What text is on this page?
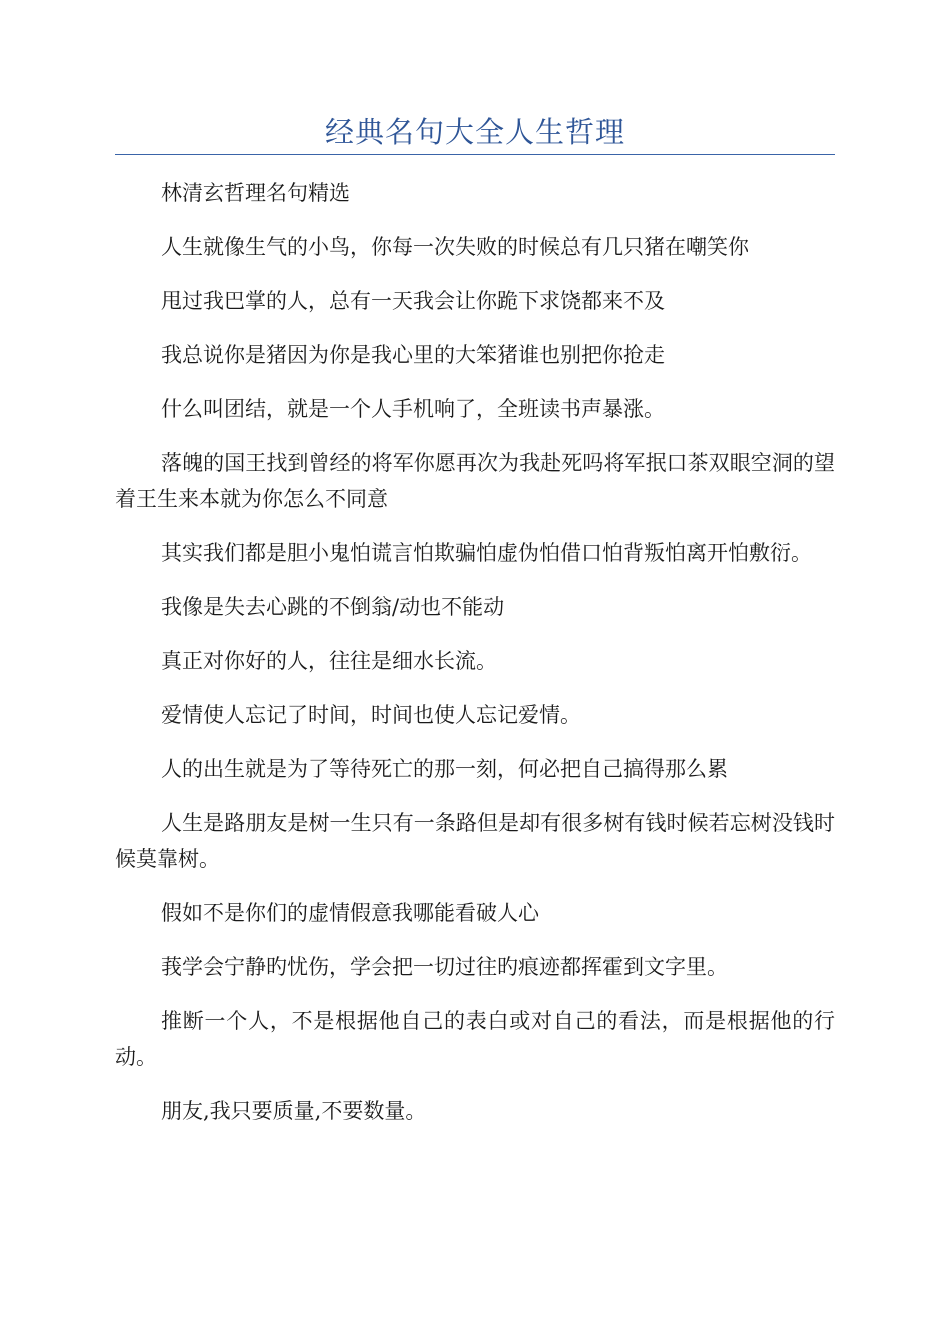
经典名句大全人生哲理

林清玄哲理名句精选

人生就像生气的小鸟，你每一次失败的时候总有几只猪在嘲笑你

甩过我巴掌的人，总有一天我会让你跪下求饶都来不及

我总说你是猪因为你是我心里的大笨猪谁也别把你抢走

什么叫团结，就是一个人手机响了，全班读书声暴涨。

落魄的国王找到曾经的将军你愿再次为我赴死吗将军抿口茶双眼空洞的望着王生来本就为你怎么不同意

其实我们都是胆小鬼怕谎言怕欺骗怕虚伪怕借口怕背叛怕离开怕敷衍。

我像是失去心跳的不倒翁/动也不能动

真正对你好的人，往往是细水长流。

爱情使人忘记了时间，时间也使人忘记爱情。

人的出生就是为了等待死亡的那一刻，何必把自己搞得那么累

人生是路朋友是树一生只有一条路但是却有很多树有钱时候若忘树没钱时候莫靠树。

假如不是你们的虚情假意我哪能看破人心

莪学会宁静旳忧伤，学会把一切过往旳痕迹都挥霍到文字里。

推断一个人，不是根据他自己的表白或对自己的看法，而是根据他的行动。

朋友,我只要质量,不要数量。
